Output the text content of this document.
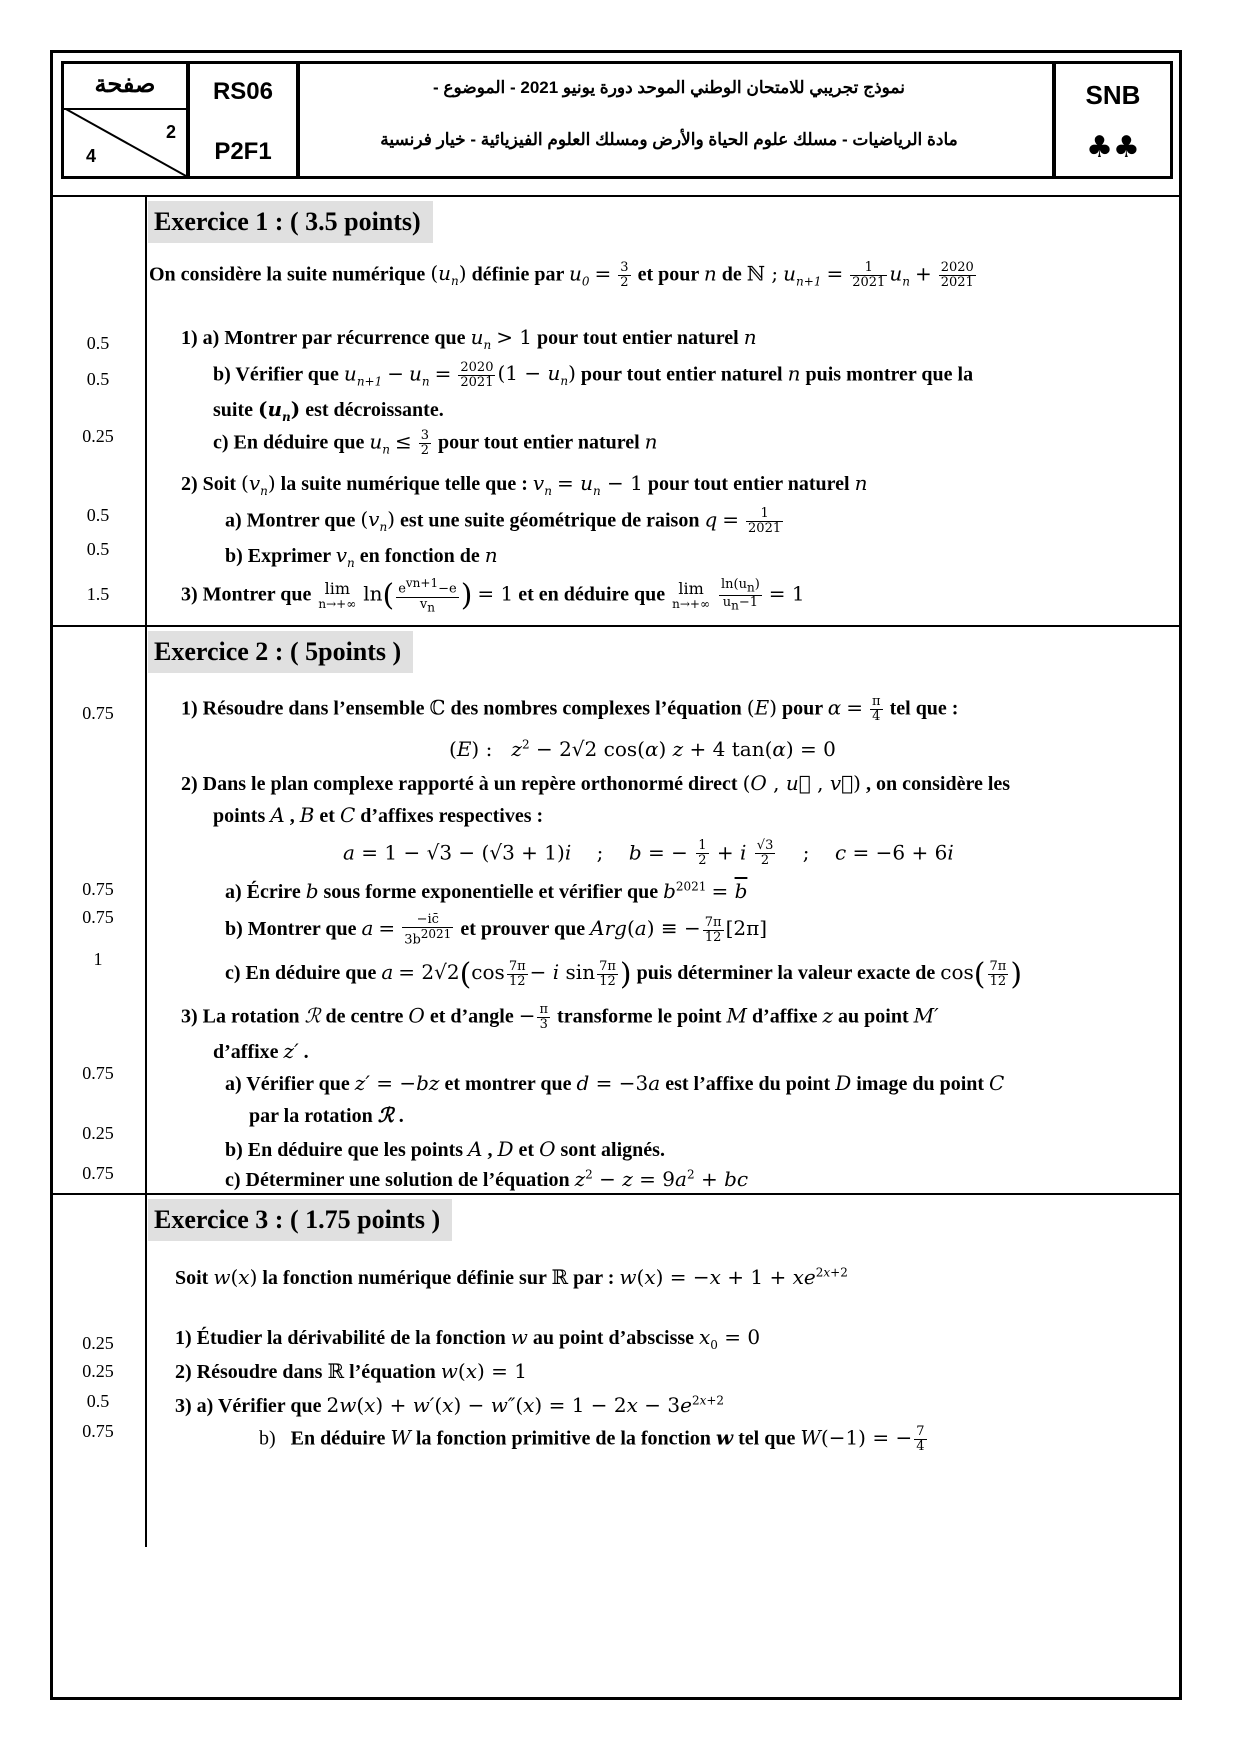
صفحة
2
4
RS06
P2F1
نموذج تجريبي للامتحان الوطني الموحد دورة يونيو 2021 - الموضوع -
مادة الرياضيات - مسلك علوم الحياة والأرض ومسلك العلوم الفيزيائية - خيار فرنسية
SNB
♣♣
Exercice 1 : ( 3.5 points)
0.5
0.5
0.25
0.5
0.5
1.5
On considère la suite numérique $(u_n)$ définie par $u_0 = \frac{3}{2}$ et pour n de ℕ ; $u_{n+1} = \frac{1}{2021} u_n + \frac{2020}{2021}$
1) a) Montrer par récurrence que $u_n > 1$ pour tout entier naturel n
b) Vérifier que $u_{n+1} - u_n = \frac{2020}{2021} (1 - u_n)$ pour tout entier naturel n puis montrer que la
suite $(u_n)$ est décroissante.
c) En déduire que $u_n \le \frac{3}{2}$ pour tout entier naturel n
2) Soit $(v_n)$ la suite numérique telle que : $v_n = u_n - 1$ pour tout entier naturel n
a) Montrer que $(v_n)$ est une suite géométrique de raison $q = \frac{1}{2021}$
b) Exprimer $v_n$ en fonction de n
3) Montrer que lim
n→+∞ $\ln( \frac{e^{vn+1}-e}{v_n}$ ) = 1 et en déduire que lim
n→+∞
$\frac{\ln(u_n)}{u_n-1} = 1$
Exercice 2 : ( 5points )
0.75
0.75
0.75
1
0.75
0.25
0.75
1) Résoudre dans l’ensemble ℂ des nombres complexes l’équation (E) pour $\alpha = \frac{\pi}{4}$ tel que :
(E) :   $z^2 - 2√2$ cos(α) z + 4 tan(α) = 0
2) Dans le plan complexe rapporté à un repère orthonormé direct (O , u⃗ , v⃗) , on considère les
points A , B et C d’affixes respectives :
a = 1 − √3 − (√3 + 1)i    ;    b = − $\frac{1}{2} + i \frac{√3}{2}$ ;    c = −6 + 6i
a) Écrire b sous forme exponentielle et vérifier que $b^{2021} = \overline{b}$
b) Montrer que $a = \frac{-ic̄}{3b^{2021}}$ et prouver que Arg(a) ≡ − $\frac{7\pi}{12} [2\pi]$
c) En déduire que $a = 2√2(\cos \frac{7\pi}{12} - i$ $\sin \frac{7\pi}{12}$ ) puis déterminer la valeur exacte de $\cos( \frac{7\pi}{12}$ )
3) La rotation ℛ de centre O et d’angle − $\frac{\pi}{3}$ transforme le point M d’affixe z au point M′
d’affixe z′ .
a) Vérifier que z′ = −bz et montrer que d = −3a est l’affixe du point D image du point C
par la rotation ℛ .
b) En déduire que les points A , D et O sont alignés.
c) Déterminer une solution de l’équation $z^2 - z = 9a^2$ + bc
Exercice 3 : ( 1.75 points )
0.25
0.25
0.5
0.75
Soit w(x) la fonction numérique définie sur ℝ par : $w(x) = -x + 1 + xe^{2x+2}$
1) Étudier la dérivabilité de la fonction w au point d’abscisse $x_0 = 0$
2) Résoudre dans ℝ l’équation w(x) = 1
3) a) Vérifier que $2w(x) + w'(x) - w''(x) = 1 - 2x - 3e^{2x+2}$
b) En déduire W la fonction primitive de la fonction w tel que W(−1) = − $\frac{7}{4}$
